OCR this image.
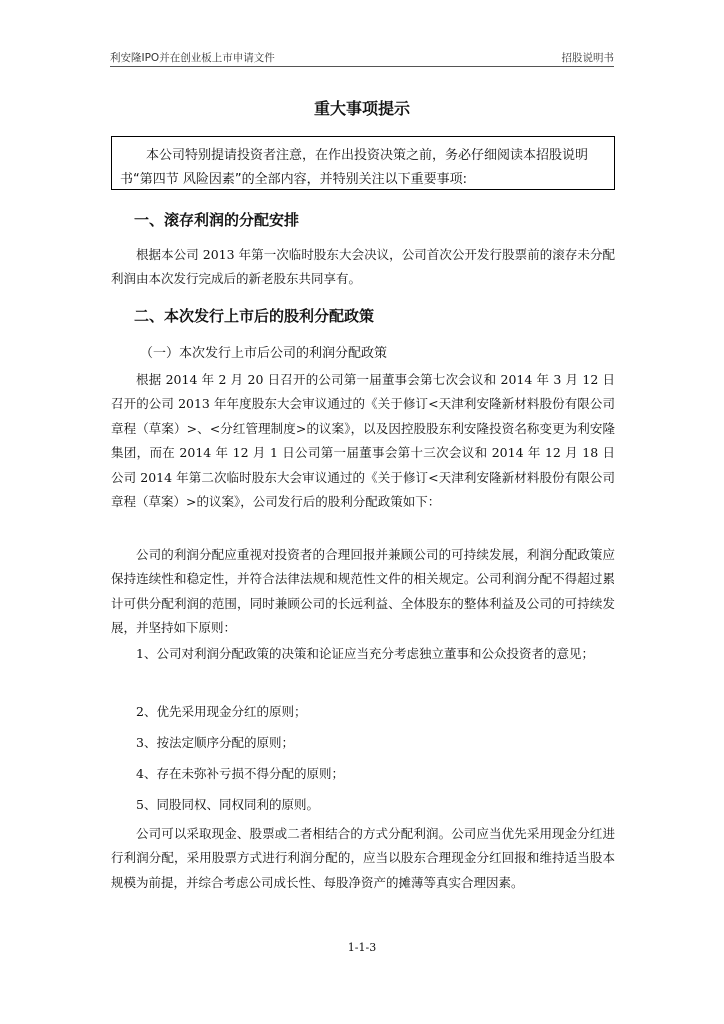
利安隆IPO并在创业板上市申请文件	招股说明书
重大事项提示

本公司特别提请投资者注意，在作出投资决策之前，务必仔细阅读本招股说明书“第四节 风险因素”的全部内容，并特别关注以下重要事项:

一、滚存利润的分配安排

根据本公司 2013 年第一次临时股东大会决议，公司首次公开发行股票前的滚存未分配利润由本次发行完成后的新老股东共同享有。

二、本次发行上市后的股利分配政策
（一）本次发行上市后公司的利润分配政策

根据 2014 年 2 月 20 日召开的公司第一届董事会第七次会议和 2014 年 3 月 12 日召开的公司 2013 年年度股东大会审议通过的《关于修订<天津利安隆新材料股份有限公司章程（草案）>、<分红管理制度>的议案》，以及因控股股东利安隆投资名称变更为利安隆集团，而在 2014 年 12 月 1 日公司第一届董事会第十三次会议和 2014 年 12 月 18 日公司 2014 年第二次临时股东大会审议通过的《关于修订<天津利安隆新材料股份有限公司章程（草案）>的议案》，公司发行后的股利分配政策如下：

公司的利润分配应重视对投资者的合理回报并兼顾公司的可持续发展，利润分配政策应保持连续性和稳定性，并符合法律法规和规范性文件的相关规定。公司利润分配不得超过累计可供分配利润的范围，同时兼顾公司的长远利益、全体股东的整体利益及公司的可持续发展，并坚持如下原则：

1、公司对利润分配政策的决策和论证应当充分考虑独立董事和公众投资者的意见；

2、优先采用现金分红的原则；

3、按法定顺序分配的原则；

4、存在未弥补亏损不得分配的原则；

5、同股同权、同权同利的原则。

公司可以采取现金、股票或二者相结合的方式分配利润。公司应当优先采用现金分红进行利润分配，采用股票方式进行利润分配的，应当以股东合理现金分红回报和维持适当股本规模为前提，并综合考虑公司成长性、每股净资产的摊薄等真实合理因素。

1-1-3
